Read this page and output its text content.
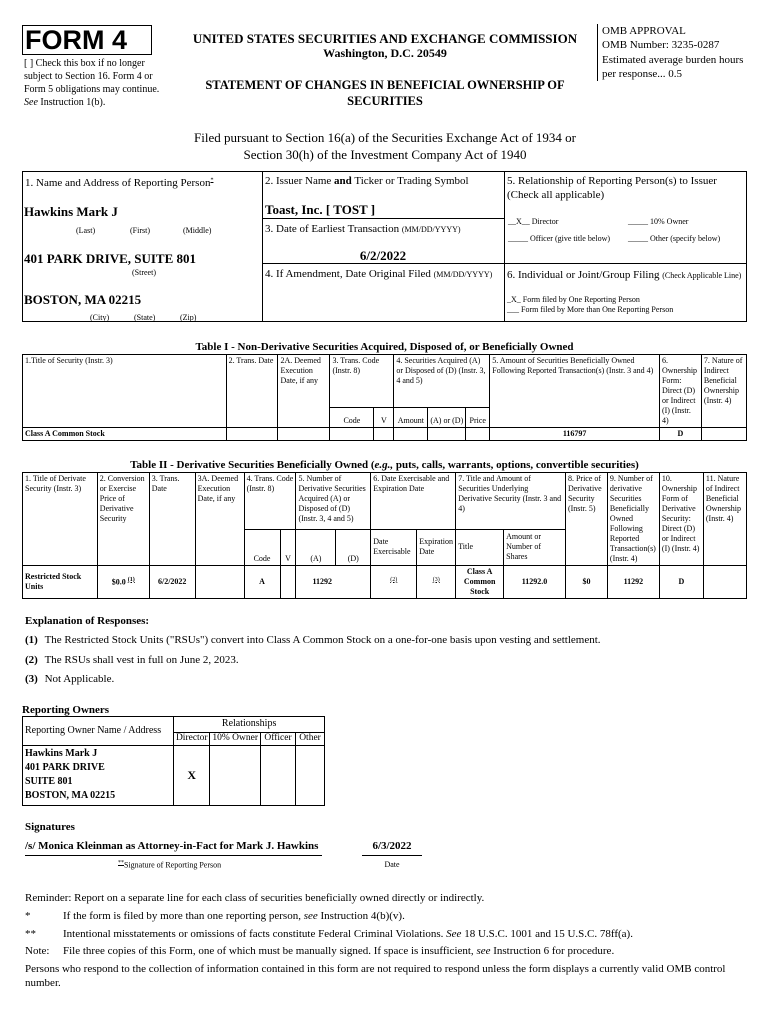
FORM 4
[ ] Check this box if no longer subject to Section 16. Form 4 or Form 5 obligations may continue. See Instruction 1(b).
UNITED STATES SECURITIES AND EXCHANGE COMMISSION
Washington, D.C. 20549
STATEMENT OF CHANGES IN BENEFICIAL OWNERSHIP OF SECURITIES
OMB APPROVAL
OMB Number: 3235-0287
Estimated average burden hours per response... 0.5
Filed pursuant to Section 16(a) of the Securities Exchange Act of 1934 or Section 30(h) of the Investment Company Act of 1940
1. Name and Address of Reporting Person*
Hawkins Mark J
(Last)	(First)	(Middle)
401 PARK DRIVE, SUITE 801
(Street)
BOSTON, MA 02215
(City)	(State)	(Zip)
2. Issuer Name and Ticker or Trading Symbol
Toast, Inc. [ TOST ]
3. Date of Earliest Transaction (MM/DD/YYYY)
6/2/2022
4. If Amendment, Date Original Filed (MM/DD/YYYY)
5. Relationship of Reporting Person(s) to Issuer (Check all applicable)
__X__ Director	_____ 10% Owner
_____ Officer (give title below) _____ Other (specify below)
6. Individual or Joint/Group Filing (Check Applicable Line)
_X_ Form filed by One Reporting Person
___ Form filed by More than One Reporting Person
Table I - Non-Derivative Securities Acquired, Disposed of, or Beneficially Owned
1.Title of Security (Instr. 3)	2. Trans. Date	2A. Deemed Execution Date, if any	3. Trans. Code (Instr. 8)		4. Securities Acquired (A) or Disposed of (D) (Instr. 3, 4 and 5)			5. Amount of Securities Beneficially Owned Following Reported Transaction(s) (Instr. 3 and 4)	6. Ownership Form: Direct (D) or Indirect (I) (Instr. 4)	7. Nature of Indirect Beneficial Ownership (Instr. 4)
			Code	V	Amount	(A) or (D)	Price			
Class A Common Stock								116797	D	
Table II - Derivative Securities Beneficially Owned (e.g., puts, calls, warrants, options, convertible securities)
1. Title of Derivate Security (Instr. 3)	2. Conversion or Exercise Price of Derivative Security	3. Trans. Date	3A. Deemed Execution Date, if any	4. Trans. Code (Instr. 8)		5. Number of Derivative Securities Acquired (A) or Disposed of (D) (Instr. 3, 4 and 5)		6. Date Exercisable and Expiration Date		7. Title and Amount of Securities Underlying Derivative Security (Instr. 3 and 4)		8. Price of Derivative Security (Instr. 5)	9. Number of derivative Securities Beneficially Owned Following Reported Transaction(s) (Instr. 4)	10. Ownership Form of Derivative Security: Direct (D) or Indirect (I) (Instr. 4)	11. Nature of Indirect Beneficial Ownership (Instr. 4)
				Code	V	(A)	(D)	Date Exercisable	Expiration Date	Title	Amount or Number of Shares				
Restricted Stock Units	$0.0 $^{(1)}$	6/2/2022		A		11292		$^{(2)}$	$^{(3)}$	Class A Common Stock	11292.0	$0	11292	D	
Explanation of Responses:
(1) The Restricted Stock Units ("RSUs") convert into Class A Common Stock on a one-for-one basis upon vesting and settlement.
(2) The RSUs shall vest in full on June 2, 2023.
(3) Not Applicable.
Reporting Owners
Reporting Owner Name / Address	Relationships			
	Director	10% Owner	Officer	Other

Hawkins Mark J
401 PARK DRIVE
SUITE 801
BOSTON, MA 02215	X			
Signatures
/s/ Monica Kleinman as Attorney-in-Fact for Mark J. Hawkins	6/3/2022
**Signature of Reporting Person	Date
Reminder: Report on a separate line for each class of securities beneficially owned directly or indirectly.
*	If the form is filed by more than one reporting person, see Instruction 4(b)(v).
** Intentional misstatements or omissions of facts constitute Federal Criminal Violations. See 18 U.S.C. 1001 and 15 U.S.C. 78ff(a).
Note: File three copies of this Form, one of which must be manually signed. If space is insufficient, see Instruction 6 for procedure.
Persons who respond to the collection of information contained in this form are not required to respond unless the form displays a currently valid OMB control number.
